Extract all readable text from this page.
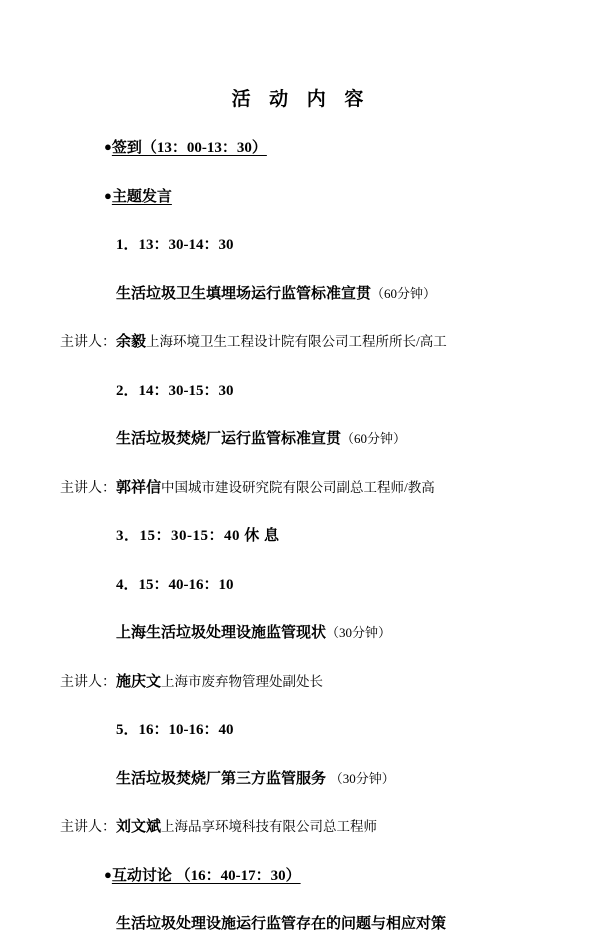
活 动 内 容
●签到（13：00-13：30）
●主题发言
1．13：30-14：30
生活垃圾卫生填埋场运行监管标准宣贯（60分钟）
主讲人：余毅上海环境卫生工程设计院有限公司工程所所长/高工
2．14：30-15：30
生活垃圾焚烧厂运行监管标准宣贯（60分钟）
主讲人：郭祥信中国城市建设研究院有限公司副总工程师/教高
3．15：30-15：40 休 息
4．15：40-16：10
上海生活垃圾处理设施监管现状（30分钟）
主讲人：施庆文上海市废弃物管理处副处长
5．16：10-16：40
生活垃圾焚烧厂第三方监管服务 （30分钟）
主讲人：刘文斌上海品享环境科技有限公司总工程师
●互动讨论 （16：40-17：30）
生活垃圾处理设施运行监管存在的问题与相应对策
